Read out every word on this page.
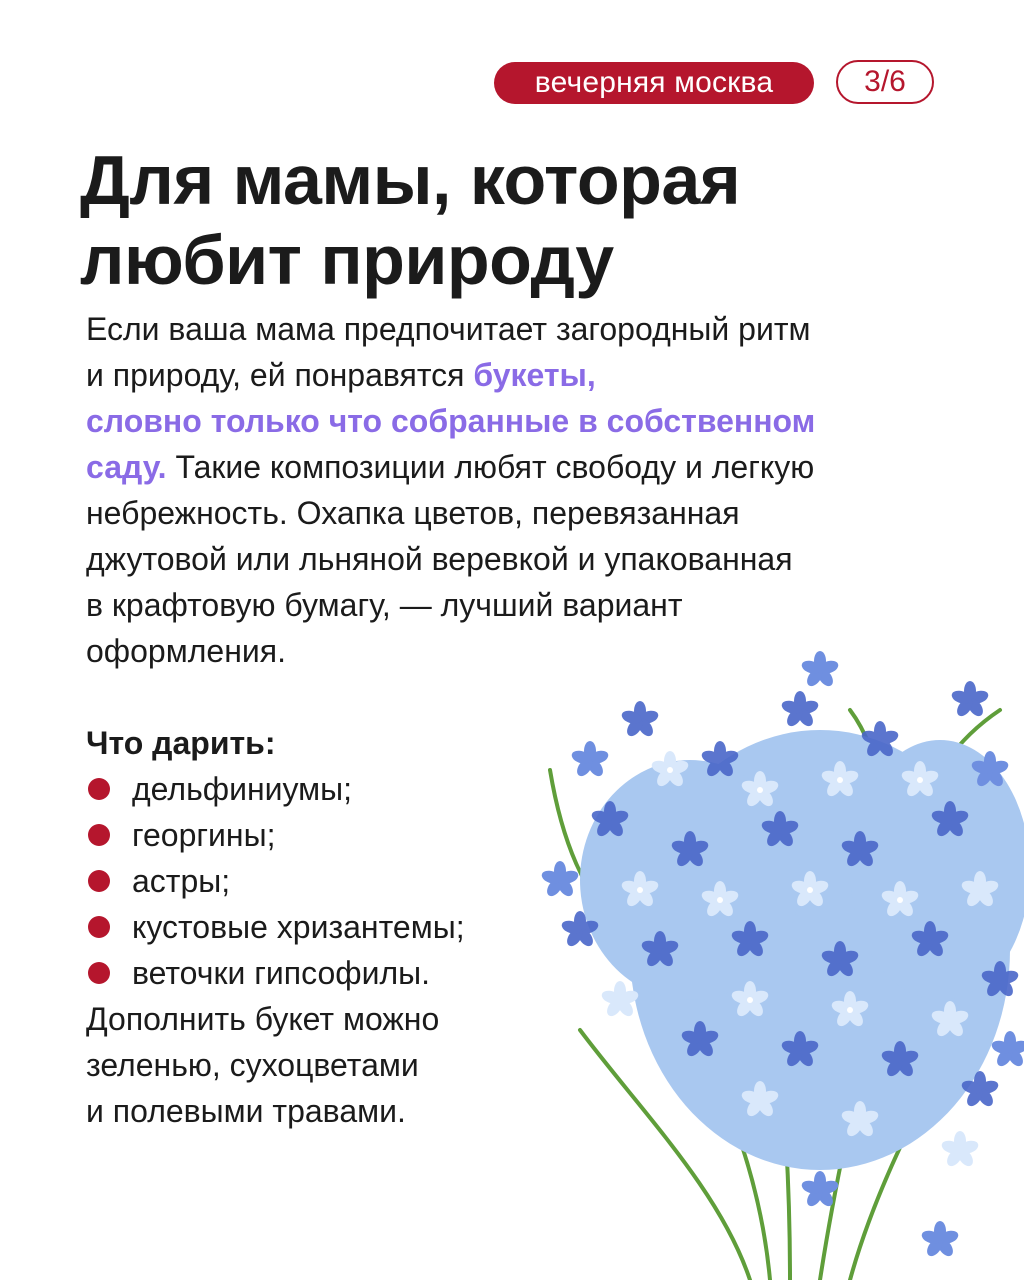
вечерняя москва	3/6
Для мамы, которая
любит природу
Если ваша мама предпочитает загородный ритм
и природу, ей понравятся букеты,
словно только что собранные в собственном
саду. Такие композиции любят свободу и легкую
небрежность. Охапка цветов, перевязанная
джутовой или льняной веревкой и упакованная
в крафтовую бумагу, — лучший вариант
оформления.
Что дарить:
дельфиниумы;
георгины;
астры;
кустовые хризантемы;
веточки гипсофилы.
Дополнить букет можно
зеленью, сухоцветами
и полевыми травами.
